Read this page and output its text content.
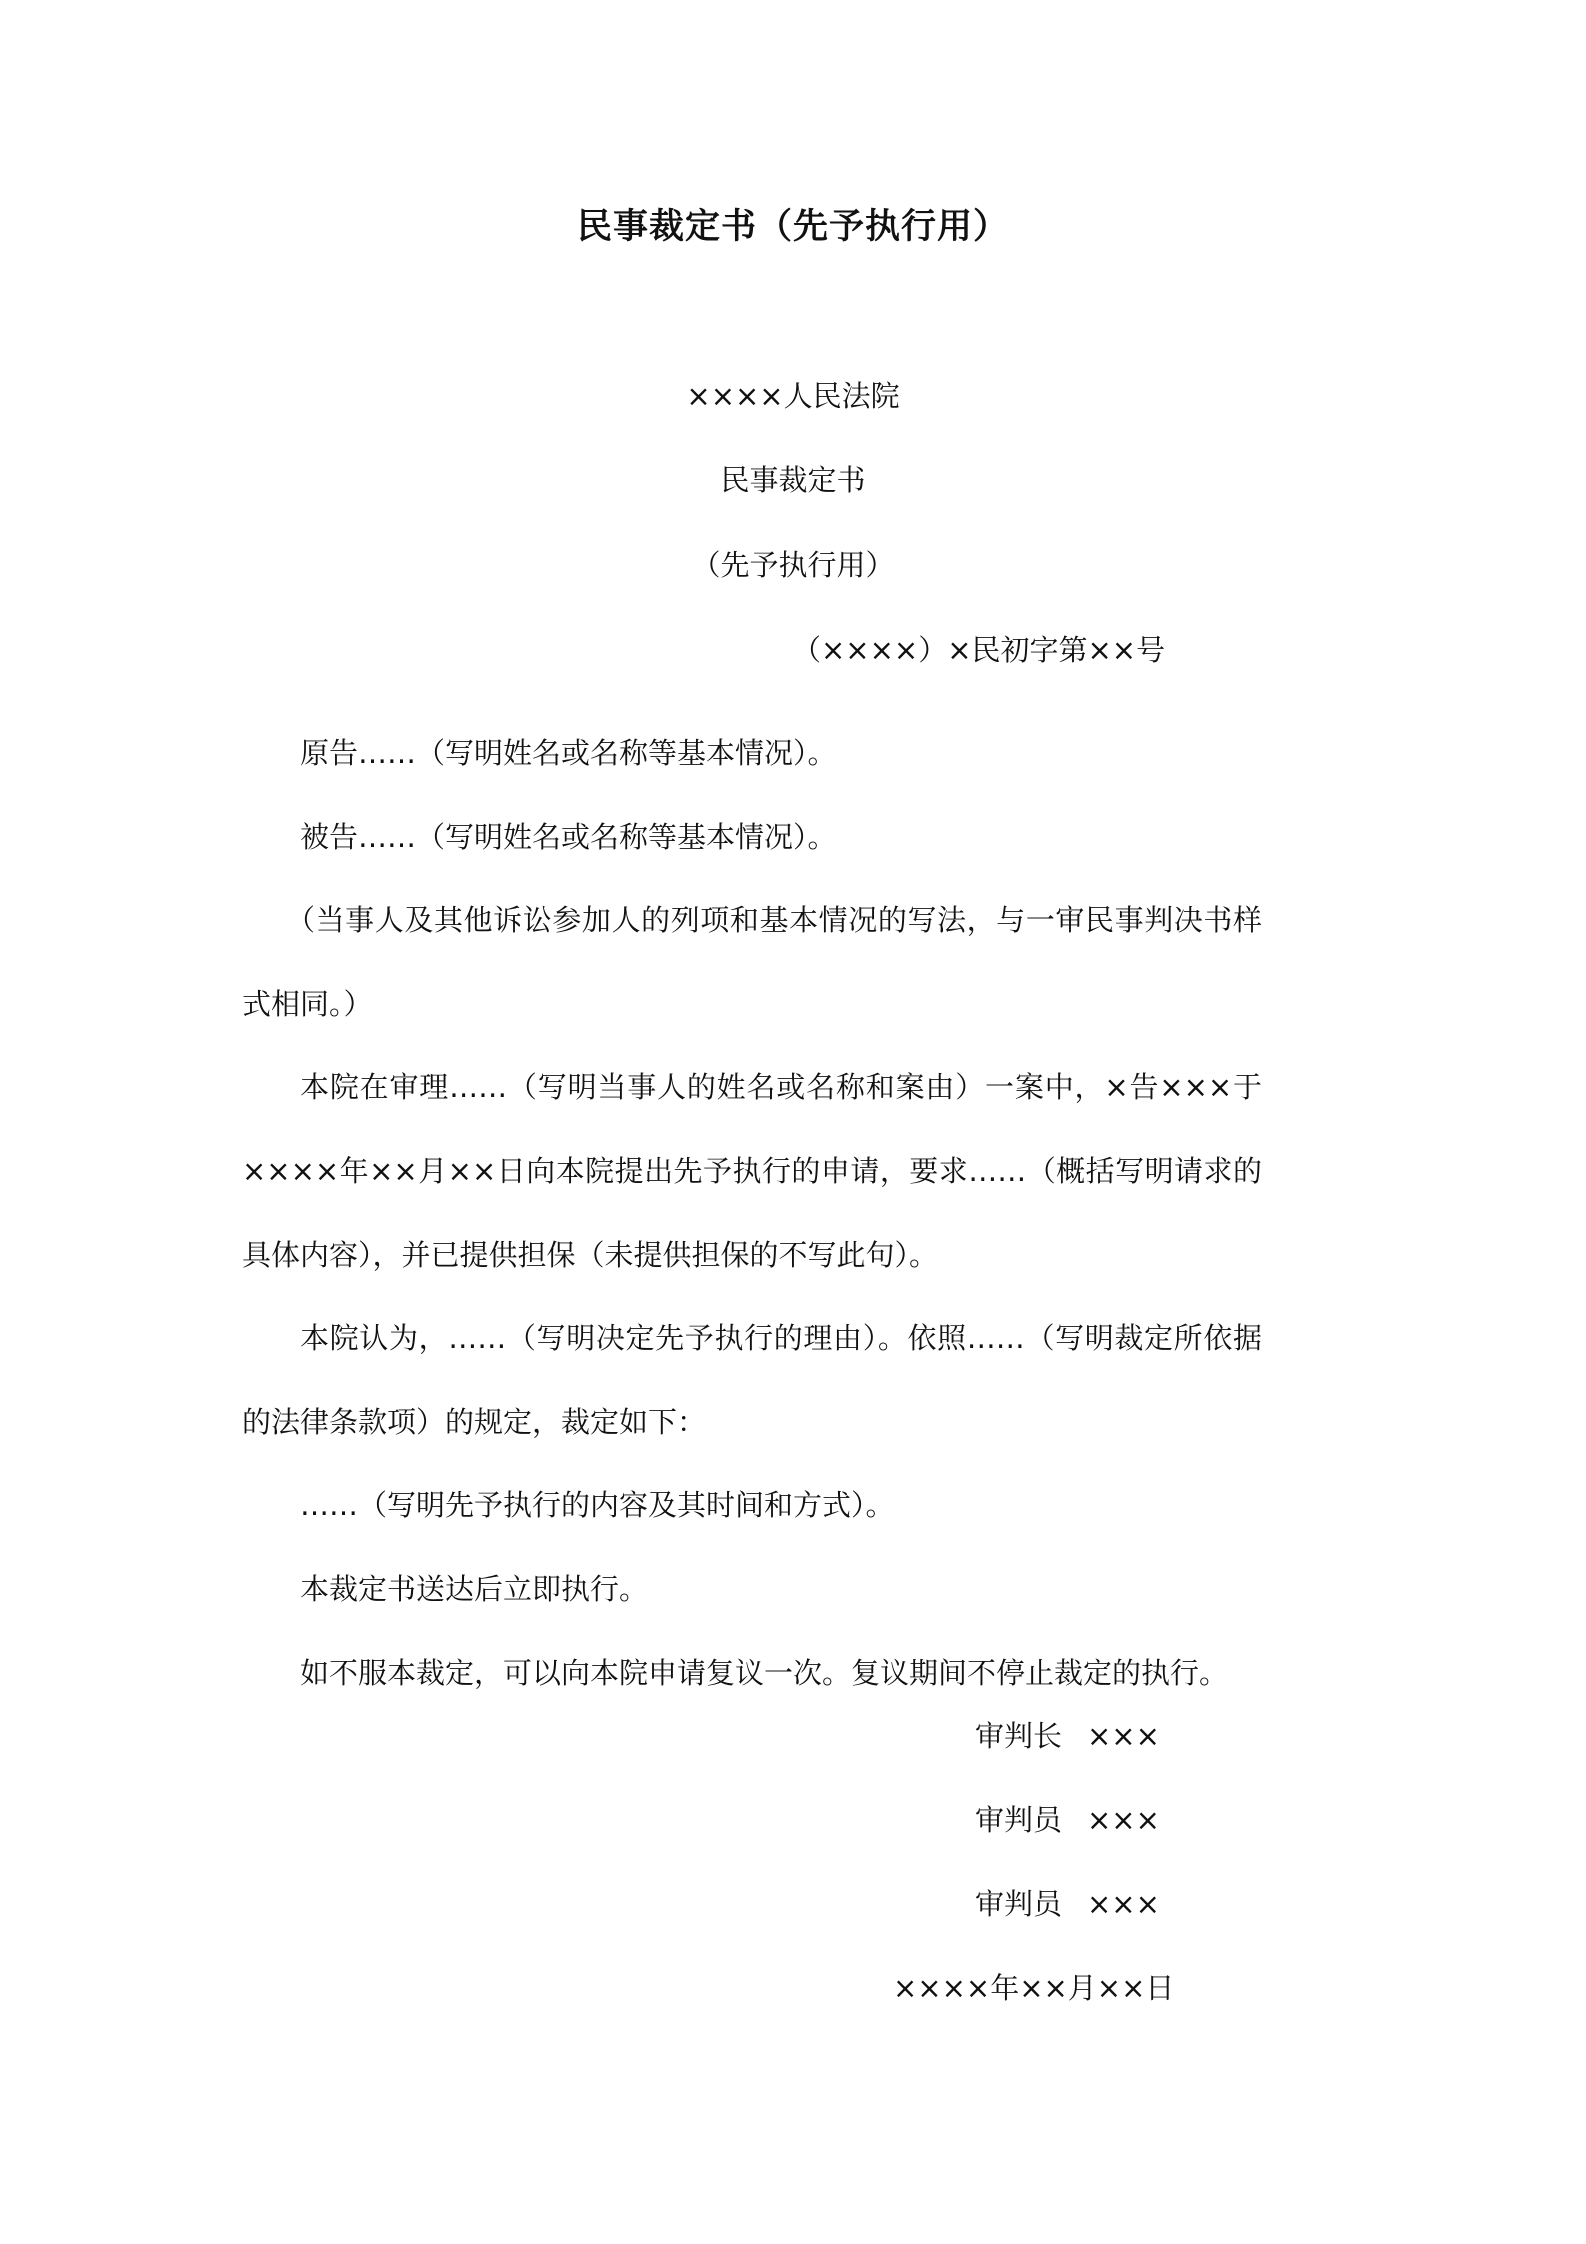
民事裁定书（先予执行用）
××××人民法院
民事裁定书
（先予执行用）
（××××）×民初字第××号

原告……（写明姓名或名称等基本情况）。

被告……（写明姓名或名称等基本情况）。

（当事人及其他诉讼参加人的列项和基本情况的写法，与一审民事判决书样式相同。）

本院在审理……（写明当事人的姓名或名称和案由）一案中，×告×××于××××年××月××日向本院提出先予执行的申请，要求……（概括写明请求的具体内容），并已提供担保（未提供担保的不写此句）。

本院认为，……（写明决定先予执行的理由）。依照……（写明裁定所依据的法律条款项）的规定，裁定如下：

……（写明先予执行的内容及其时间和方式）。

本裁定书送达后立即执行。

如不服本裁定，可以向本院申请复议一次。复议期间不停止裁定的执行。

审判长 ×××
审判员 ×××
审判员 ×××
××××年××月××日
